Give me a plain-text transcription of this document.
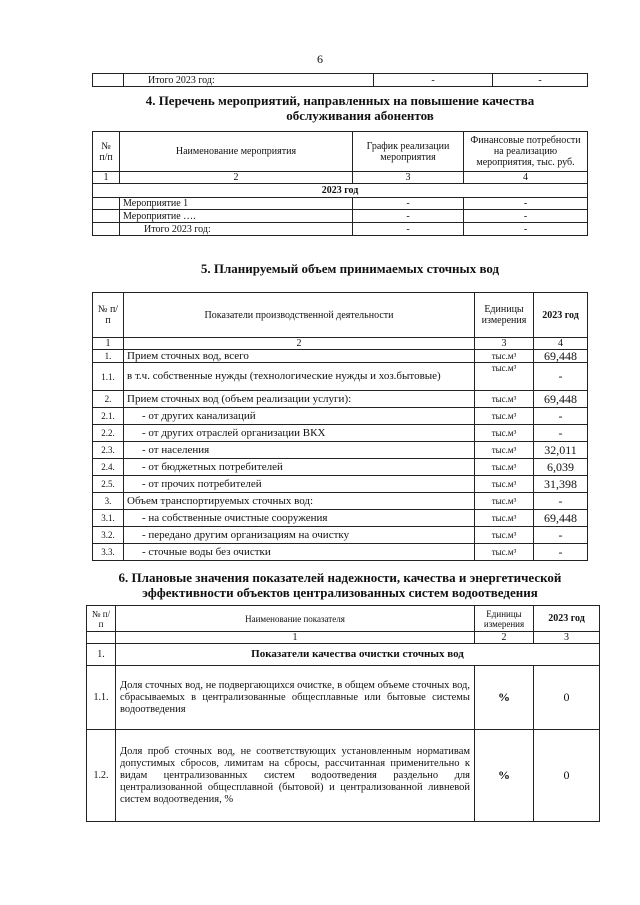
6
	Итого 2023 год:	-	-
4. Перечень мероприятий, направленных на повышение качества
обслуживания абонентов
№ п/п	Наименование мероприятия	График реализации мероприятия	Финансовые потребности на реализацию мероприятия, тыс. руб.
1	2	3	4
2023 год			
	Мероприятие 1	-	-
	Мероприятие ….	-	-
	Итого 2023 год:	-	-
5. Планируемый объем принимаемых сточных вод
№ п/п	Показатели производственной деятельности	Единицы измерения	2023 год
1	2	3	4
1.	Прием сточных вод, всего	тыс.м³	69,448
1.1.	в т.ч. собственные нужды (технологические нужды и хоз.бытовые)	тыс.м³	-
2.	Прием сточных вод (объем реализации услуги):	тыс.м³	69,448
2.1.	- от других канализаций	тыс.м³	-
2.2.	- от других отраслей организации ВКХ	тыс.м³	-
2.3.	- от населения	тыс.м³	32,011
2.4.	- от бюджетных потребителей	тыс.м³	6,039
2.5.	- от прочих потребителей	тыс.м³	31,398
3.	Объем транспортируемых сточных вод:	тыс.м³	-
3.1.	- на собственные очистные сооружения	тыс.м³	69,448
3.2.	- передано другим организациям на очистку	тыс.м³	-
3.3.	- сточные воды без очистки	тыс.м³	-
6. Плановые значения показателей надежности, качества и энергетической
эффективности объектов централизованных систем водоотведения
№ п/п	Наименование показателя	Единицы измерения	2023 год
	1	2	3
1.	Показатели качества очистки сточных вод		
1.1.	Доля сточных вод, не подвергающихся очистке, в общем объеме сточных вод, сбрасываемых в централизованные общесплавные или бытовые системы водоотведения	%	0
1.2.	Доля проб сточных вод, не соответствующих установленным нормативам допустимых сбросов, лимитам на сбросы, рассчитанная применительно к видам централизованных систем водоотведения раздельно для централизованной общесплавной (бытовой) и централизованной ливневой систем водоотведения, %	%	0
